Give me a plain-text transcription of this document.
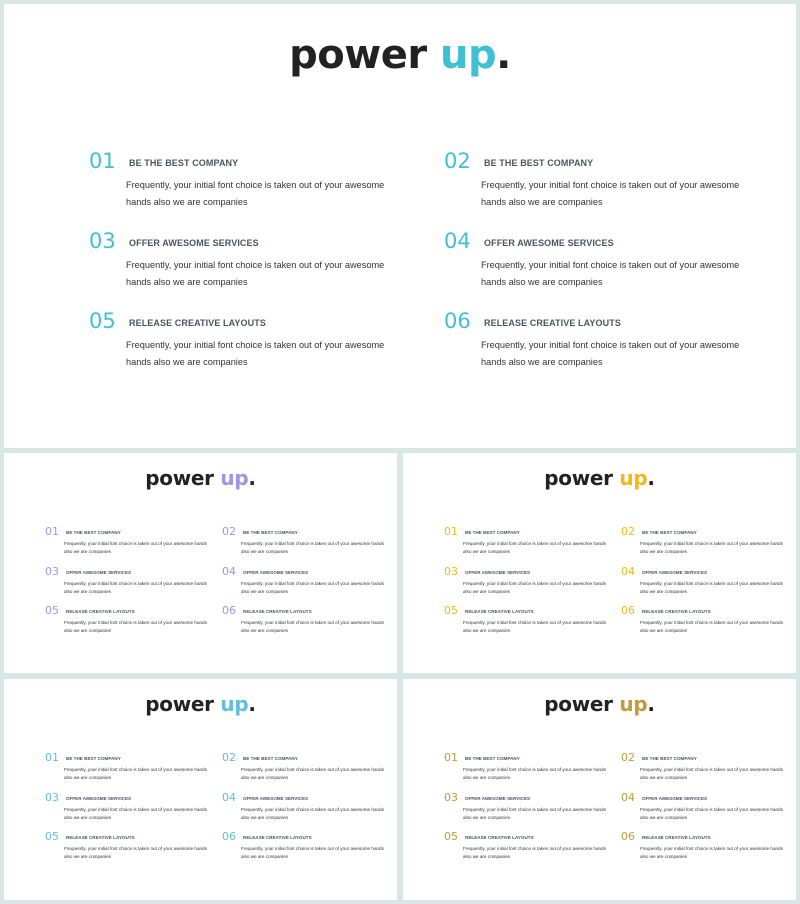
power up.
01 BE THE BEST COMPANY
Frequently, your initial font choice is taken out of your awesome hands also we are companies
02 BE THE BEST COMPANY
Frequently, your initial font choice is taken out of your awesome hands also we are companies
03 OFFER AWESOME SERVICES
Frequently, your initial font choice is taken out of your awesome hands also we are companies
04 OFFER AWESOME SERVICES
Frequently, your initial font choice is taken out of your awesome hands also we are companies
05 RELEASE CREATIVE LAYOUTS
Frequently, your initial font choice is taken out of your awesome hands also we are companies
06 RELEASE CREATIVE LAYOUTS
Frequently, your initial font choice is taken out of your awesome hands also we are companies
power up.
01 BE THE BEST COMPANY
Frequently, your initial font choice is taken out of your awesome hands also we are companies
02 BE THE BEST COMPANY
Frequently, your initial font choice is taken out of your awesome hands also we are companies
03 OFFER AWESOME SERVICES
Frequently, your initial font choice is taken out of your awesome hands also we are companies
04 OFFER AWESOME SERVICES
Frequently, your initial font choice is taken out of your awesome hands also we are companies
05 RELEASE CREATIVE LAYOUTS
Frequently, your initial font choice is taken out of your awesome hands also we are companies
06 RELEASE CREATIVE LAYOUTS
Frequently, your initial font choice is taken out of your awesome hands also we are companies
power up.
01 BE THE BEST COMPANY
Frequently, your initial font choice is taken out of your awesome hands also we are companies
02 BE THE BEST COMPANY
Frequently, your initial font choice is taken out of your awesome hands also we are companies
03 OFFER AWESOME SERVICES
Frequently, your initial font choice is taken out of your awesome hands also we are companies
04 OFFER AWESOME SERVICES
Frequently, your initial font choice is taken out of your awesome hands also we are companies
05 RELEASE CREATIVE LAYOUTS
Frequently, your initial font choice is taken out of your awesome hands also we are companies
06 RELEASE CREATIVE LAYOUTS
Frequently, your initial font choice is taken out of your awesome hands also we are companies
power up.
01 BE THE BEST COMPANY
Frequently, your initial font choice is taken out of your awesome hands also we are companies
02 BE THE BEST COMPANY
Frequently, your initial font choice is taken out of your awesome hands also we are companies
03 OFFER AWESOME SERVICES
Frequently, your initial font choice is taken out of your awesome hands also we are companies
04 OFFER AWESOME SERVICES
Frequently, your initial font choice is taken out of your awesome hands also we are companies
05 RELEASE CREATIVE LAYOUTS
Frequently, your initial font choice is taken out of your awesome hands also we are companies
06 RELEASE CREATIVE LAYOUTS
Frequently, your initial font choice is taken out of your awesome hands also we are companies
power up.
01 BE THE BEST COMPANY
Frequently, your initial font choice is taken out of your awesome hands also we are companies
02 BE THE BEST COMPANY
Frequently, your initial font choice is taken out of your awesome hands also we are companies
03 OFFER AWESOME SERVICES
Frequently, your initial font choice is taken out of your awesome hands also we are companies
04 OFFER AWESOME SERVICES
Frequently, your initial font choice is taken out of your awesome hands also we are companies
05 RELEASE CREATIVE LAYOUTS
Frequently, your initial font choice is taken out of your awesome hands also we are companies
06 RELEASE CREATIVE LAYOUTS
Frequently, your initial font choice is taken out of your awesome hands also we are companies
